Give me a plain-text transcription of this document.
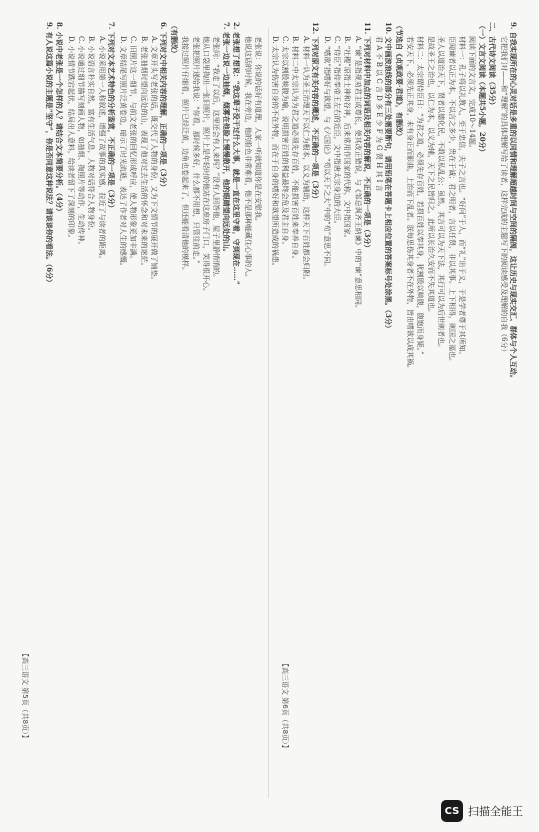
9. 自我实现所在的心灵对话是多重的以同情和理解超越时间与空间的隔阂，这让历史与现实交汇、群体与个人互动。

它把我们对——和“理解”的具体理解写给了读者，这样完成的主题写下的阅读感受及理解的自我（6分）

二、古代诗文阅读（35分）

（一）文言文阅读（本题共5小题，20分）

阅读下面的文言文，完成10～14题。

材料一：孔子将以礼教人，至于忠信，夫子之言也。“好问”于人，而“礼”出于义，于是学者尊于其所知。

臣闻谏者以正为本，不以言之多少，贵在于诚；君之明者，言以任贤，非以其事。上下相得，则国之福也。

圣人以道治天下，贤者以德化民，不敢以私乱公；虽然，其言可以为天下法，其行可以为后世则者也。

是故圣王之治也，以仁为本，以义为辅，天下之民皆归之，此所以长治久安而不失其道也。

材料二：太宗谓侍臣曰：“为君之道，必须先存百姓，若损百姓以奉其身，犹割股以啖腹，腹饱而身毙。”

若安天下，必须先正其身，未有身正而影曲，上治而下乱者。朕每思伤其身者不在外物，皆由嗜欲以成其祸。

（节选自《贞观政要·君道》，有删改）

10. 文中画波浪线的部分有三处需要断句，请用铅笔在答题卡上相应位置的答案标号处涂黑。（3分）

君 A 不 B 以 C 言 D 多 E 少 F 为 G 贤 H 其 I 言

11. 下列对材料中加点的词语及相关内容的解说，不正确的一项是（3分）

A. “谏”是指规劝君主或尊长，使其改正错误，与《邹忌讽齐王纳谏》中的“谏”意思相同。

B. “社稷”原指土神和谷神，后来常用作国家的代称，文中指国家。

C. “侍臣”指侍奉帝王左右的近臣，文中指唐太宗身边的大臣。

D. “嗜欲”指嗜好与欲望，与《六国论》“苟以天下之大”中的“苟”意思不同。

12. 下列对原文有关内容的概述，不正确的一项是（3分）

A. 材料一认为圣王治理天下以仁为根本，以义为辅助，这样天下百姓都会归附。

B. 材料二中太宗认为为君之道必须先存百姓，不能损害百姓来奉养自身。

C. 太宗以割股啖腹为喻，说明损害百姓的利益最终会危及君主自身。

D. 太宗认为伤害自身的不在外物，而在于自身的嗜好和欲望所造成的祸患。

老张说：你说的话好有道理，人家一听就知道你是在安慰我。

他说这话的时候，我在旁边，他的脸色非常难看，他不是那种能藏住心事的人。

2. 老张想了想说：“我这辈子没干过什么大事，就是一直在这里守着，守到现在……”

7. 老张一边说一边抽烟，烟雾在他脸上慢慢散开，他的眼睛望向远处的山。

老张问：“我走了以后，这里还会有人来吗？”没有人回答他，屋子里静悄悄的。

他从口袋里掏出一张旧照片，照片上是年轻时的他站在这座房子门口，笑得很开心。

老张把照片递给我说：“你看，那时候多好，什么都不用想，只管往前走。”

我接过照片仔细看，照片已经泛黄，边角也卷起来了，但还能看清他的模样。

（有删改）

6. 下列对文中相关内容的理解，正确的一项是（3分）

A. 文章开头写老张的话，既交代了人物的身份，又为下文情节的展开做了铺垫。

B. 老张抽烟时望向远处的山，表现了他对过去生活的怀念和对未来的迷茫。

C. 旧照片这一细节，与前文老张的回忆形成呼应，使人物形象更加丰满。

D. 文章结尾写照片泛黄卷边，暗示了时光流逝，表达了作者对人生的感慨。

7. 下列对文本艺术特色的分析鉴赏，不正确的一项是（3分）

A. 小说采用第一人称叙述，增强了故事的真实感，拉近了与读者的距离。

B. 小说语言朴实自然，富有生活气息，人物对话符合人物身份。

C. 小说通过细节描写刻画人物，如抽烟、掏照片等动作，生动传神。

D. 小说情节跌宕起伏，结局出人意料，给读者留下了深刻的印象。

8. 小说中老张是一个怎样的人？请结合文本简要分析。（4分）

9. 有人说这篇小说的主题是“坚守”，你是否同意这种说法？请谈谈你的看法。（6分）

【高三语文 第6页（共8页）】
【高三语文 第5页（共8页）】
CS 扫描全能王
